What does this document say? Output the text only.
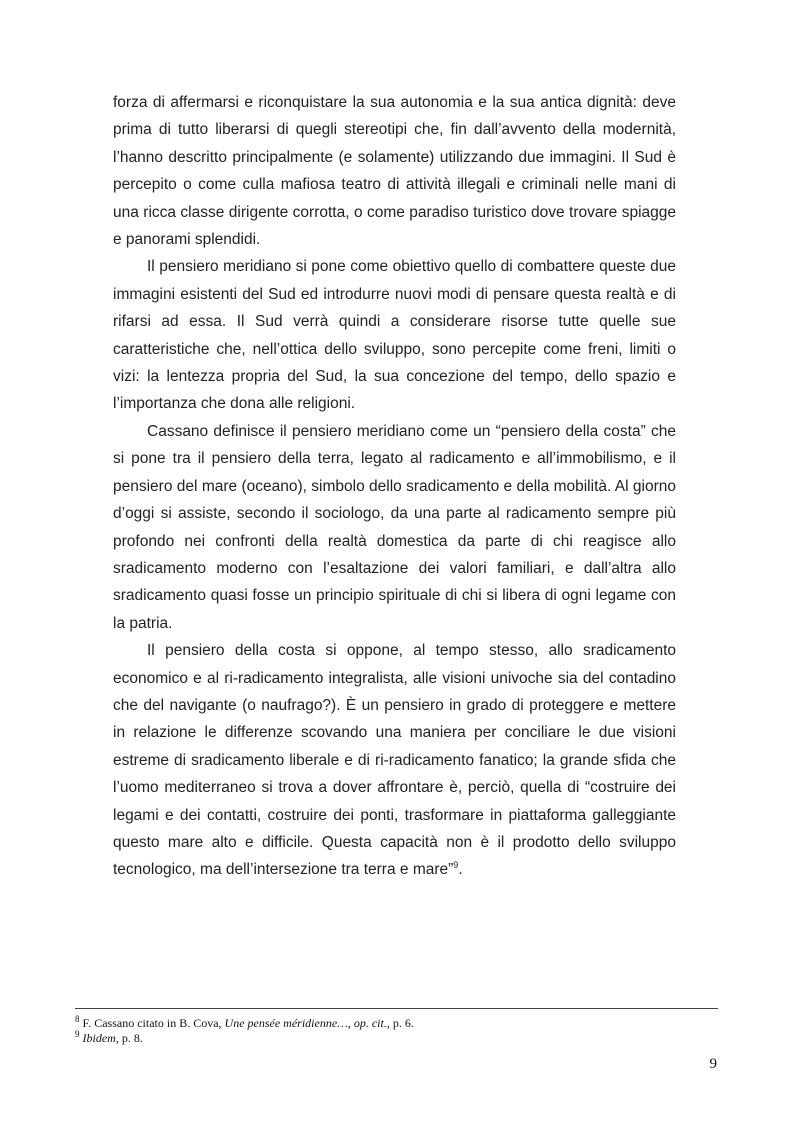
forza di affermarsi e riconquistare la sua autonomia e la sua antica dignità: deve prima di tutto liberarsi di quegli stereotipi che, fin dall’avvento della modernità, l’hanno descritto principalmente (e solamente) utilizzando due immagini. Il Sud è percepito o come culla mafiosa teatro di attività illegali e criminali nelle mani di una ricca classe dirigente corrotta, o come paradiso turistico dove trovare spiagge e panorami splendidi.

Il pensiero meridiano si pone come obiettivo quello di combattere queste due immagini esistenti del Sud ed introdurre nuovi modi di pensare questa realtà e di rifarsi ad essa. Il Sud verrà quindi a considerare risorse tutte quelle sue caratteristiche che, nell’ottica dello sviluppo, sono percepite come freni, limiti o vizi: la lentezza propria del Sud, la sua concezione del tempo, dello spazio e l’importanza che dona alle religioni.

Cassano definisce il pensiero meridiano come un “pensiero della costa” che si pone tra il pensiero della terra, legato al radicamento e all’immobilismo, e il pensiero del mare (oceano), simbolo dello sradicamento e della mobilità. Al giorno d’oggi si assiste, secondo il sociologo, da una parte al radicamento sempre più profondo nei confronti della realtà domestica da parte di chi reagisce allo sradicamento moderno con l’esaltazione dei valori familiari, e dall’altra allo sradicamento quasi fosse un principio spirituale di chi si libera di ogni legame con la patria.

Il pensiero della costa si oppone, al tempo stesso, allo sradicamento economico e al ri-radicamento integralista, alle visioni univoche sia del contadino che del navigante (o naufrago?). È un pensiero in grado di proteggere e mettere in relazione le differenze scovando una maniera per conciliare le due visioni estreme di sradicamento liberale e di ri-radicamento fanatico; la grande sfida che l’uomo mediterraneo si trova a dover affrontare è, perciò, quella di “costruire dei legami e dei contatti, costruire dei ponti, trasformare in piattaforma galleggiante questo mare alto e difficile. Questa capacità non è il prodotto dello sviluppo tecnologico, ma dell’intersezione tra terra e mare”$^9$.

$^8$ F. Cassano citato in B. Cova, Une pensée méridienne…, op. cit., p. 6.
$^9$ Ibidem, p. 8.
9
